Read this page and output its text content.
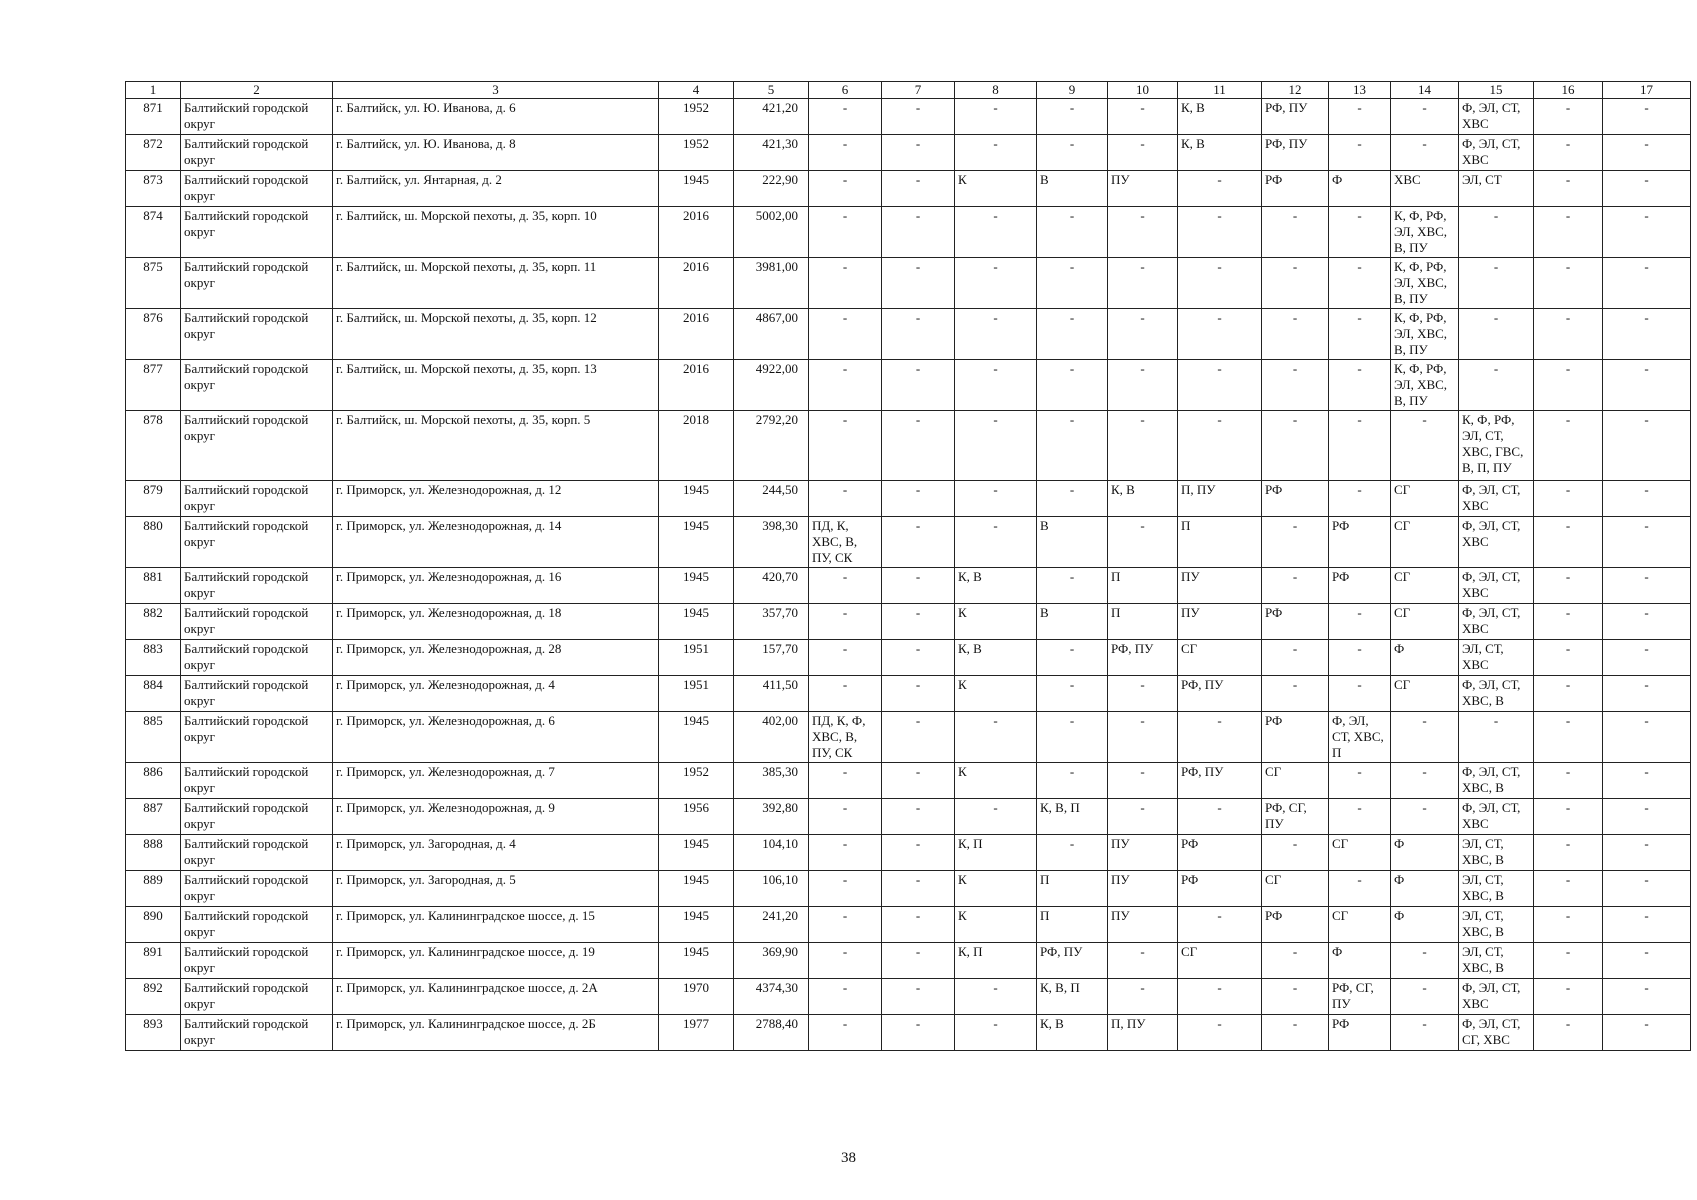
1	2	3	4	5	6	7	8	9	10	11	12	13	14	15	16	17
871	Балтийский городской округ	г. Балтийск, ул. Ю. Иванова, д. 6	1952	421,20	-	-	-	-	-	К, В	РФ, ПУ	-	-	Ф, ЭЛ, СТ, ХВС	-	-
872	Балтийский городской округ	г. Балтийск, ул. Ю. Иванова, д. 8	1952	421,30	-	-	-	-	-	К, В	РФ, ПУ	-	-	Ф, ЭЛ, СТ, ХВС	-	-
873	Балтийский городской округ	г. Балтийск, ул. Янтарная, д. 2	1945	222,90	-	-	К	В	ПУ	-	РФ	Ф	ХВС	ЭЛ, СТ	-	-
874	Балтийский городской округ	г. Балтийск, ш. Морской пехоты, д. 35, корп. 10	2016	5002,00	-	-	-	-	-	-	-	-	К, Ф, РФ, ЭЛ, ХВС, В, ПУ	-	-	-
875	Балтийский городской округ	г. Балтийск, ш. Морской пехоты, д. 35, корп. 11	2016	3981,00	-	-	-	-	-	-	-	-	К, Ф, РФ, ЭЛ, ХВС, В, ПУ	-	-	-
876	Балтийский городской округ	г. Балтийск, ш. Морской пехоты, д. 35, корп. 12	2016	4867,00	-	-	-	-	-	-	-	-	К, Ф, РФ, ЭЛ, ХВС, В, ПУ	-	-	-
877	Балтийский городской округ	г. Балтийск, ш. Морской пехоты, д. 35, корп. 13	2016	4922,00	-	-	-	-	-	-	-	-	К, Ф, РФ, ЭЛ, ХВС, В, ПУ	-	-	-
878	Балтийский городской округ	г. Балтийск, ш. Морской пехоты, д. 35, корп. 5	2018	2792,20	-	-	-	-	-	-	-	-	-	К, Ф, РФ, ЭЛ, СТ, ХВС, ГВС, В, П, ПУ	-	-
879	Балтийский городской округ	г. Приморск, ул. Железнодорожная, д. 12	1945	244,50	-	-	-	-	К, В	П, ПУ	РФ	-	СГ	Ф, ЭЛ, СТ, ХВС	-	-
880	Балтийский городской округ	г. Приморск, ул. Железнодорожная, д. 14	1945	398,30	ПД, К, ХВС, В, ПУ, СК	-	-	В	-	П	-	РФ	СГ	Ф, ЭЛ, СТ, ХВС	-	-
881	Балтийский городской округ	г. Приморск, ул. Железнодорожная, д. 16	1945	420,70	-	-	К, В	-	П	ПУ	-	РФ	СГ	Ф, ЭЛ, СТ, ХВС	-	-
882	Балтийский городской округ	г. Приморск, ул. Железнодорожная, д. 18	1945	357,70	-	-	К	В	П	ПУ	РФ	-	СГ	Ф, ЭЛ, СТ, ХВС	-	-
883	Балтийский городской округ	г. Приморск, ул. Железнодорожная, д. 28	1951	157,70	-	-	К, В	-	РФ, ПУ	СГ	-	-	Ф	ЭЛ, СТ, ХВС	-	-
884	Балтийский городской округ	г. Приморск, ул. Железнодорожная, д. 4	1951	411,50	-	-	К	-	-	РФ, ПУ	-	-	СГ	Ф, ЭЛ, СТ, ХВС, В	-	-
885	Балтийский городской округ	г. Приморск, ул. Железнодорожная, д. 6	1945	402,00	ПД, К, Ф, ХВС, В, ПУ, СК	-	-	-	-	-	РФ	Ф, ЭЛ, СТ, ХВС, П	-	-	-	-
886	Балтийский городской округ	г. Приморск, ул. Железнодорожная, д. 7	1952	385,30	-	-	К	-	-	РФ, ПУ	СГ	-	-	Ф, ЭЛ, СТ, ХВС, В	-	-
887	Балтийский городской округ	г. Приморск, ул. Железнодорожная, д. 9	1956	392,80	-	-	-	К, В, П	-	-	РФ, СГ, ПУ	-	-	Ф, ЭЛ, СТ, ХВС	-	-
888	Балтийский городской округ	г. Приморск, ул. Загородная, д. 4	1945	104,10	-	-	К, П	-	ПУ	РФ	-	СГ	Ф	ЭЛ, СТ, ХВС, В	-	-
889	Балтийский городской округ	г. Приморск, ул. Загородная, д. 5	1945	106,10	-	-	К	П	ПУ	РФ	СГ	-	Ф	ЭЛ, СТ, ХВС, В	-	-
890	Балтийский городской округ	г. Приморск, ул. Калининградское шоссе, д. 15	1945	241,20	-	-	К	П	ПУ	-	РФ	СГ	Ф	ЭЛ, СТ, ХВС, В	-	-
891	Балтийский городской округ	г. Приморск, ул. Калининградское шоссе, д. 19	1945	369,90	-	-	К, П	РФ, ПУ	-	СГ	-	Ф	-	ЭЛ, СТ, ХВС, В	-	-
892	Балтийский городской округ	г. Приморск, ул. Калининградское шоссе, д. 2А	1970	4374,30	-	-	-	К, В, П	-	-	-	РФ, СГ, ПУ	-	Ф, ЭЛ, СТ, ХВС	-	-
893	Балтийский городской округ	г. Приморск, ул. Калининградское шоссе, д. 2Б	1977	2788,40	-	-	-	К, В	П, ПУ	-	-	РФ	-	Ф, ЭЛ, СТ, СГ, ХВС	-	-
38
